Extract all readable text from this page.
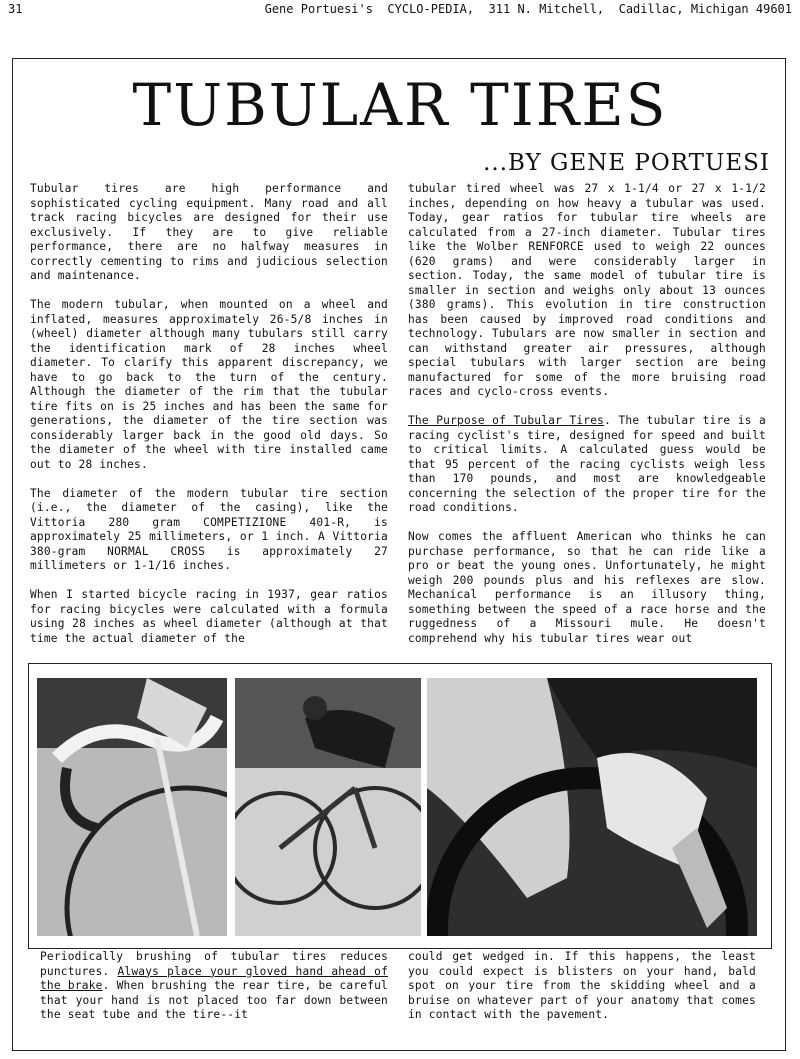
31	Gene Portuesi's  CYCLO-PEDIA,  311 N. Mitchell,  Cadillac, Michigan 49601
TUBULAR TIRES
...BY GENE PORTUESI

Tubular tires are high performance and sophisticated cycling equipment. Many road and all track racing bicycles are designed for their use exclusively. If they are to give reliable performance, there are no halfway measures in correctly cementing to rims and judicious selection and maintenance.

The modern tubular, when mounted on a wheel and inflated, measures approximately 26-5/8 inches in (wheel) diameter although many tubulars still carry the identification mark of 28 inches wheel diameter. To clarify this apparent discrepancy, we have to go back to the turn of the century. Although the diameter of the rim that the tubular tire fits on is 25 inches and has been the same for generations, the diameter of the tire section was considerably larger back in the good old days. So the diameter of the wheel with tire installed came out to 28 inches.

The diameter of the modern tubular tire section (i.e., the diameter of the casing), like the Vittoria 280 gram COMPETIZIONE 401-R, is approximately 25 millimeters, or 1 inch. A Vittoria 380-gram NORMAL CROSS is approximately 27 millimeters or 1-1/16 inches.

When I started bicycle racing in 1937, gear ratios for racing bicycles were calculated with a formula using 28 inches as wheel diameter (although at that time the actual diameter of the

tubular tired wheel was 27 x 1-1/4 or 27 x 1-1/2 inches, depending on how heavy a tubular was used. Today, gear ratios for tubular tire wheels are calculated from a 27-inch diameter. Tubular tires like the Wolber RENFORCE used to weigh 22 ounces (620 grams) and were considerably larger in section. Today, the same model of tubular tire is smaller in section and weighs only about 13 ounces (380 grams). This evolution in tire construction has been caused by improved road conditions and technology. Tubulars are now smaller in section and can withstand greater air pressures, although special tubulars with larger section are being manufactured for some of the more bruising road races and cyclo-cross events.

The Purpose of Tubular Tires. The tubular tire is a racing cyclist's tire, designed for speed and built to critical limits. A calculated guess would be that 95 percent of the racing cyclists weigh less than 170 pounds, and most are knowledgeable concerning the selection of the proper tire for the road conditions.

Now comes the affluent American who thinks he can purchase performance, so that he can ride like a pro or beat the young ones. Unfortunately, he might weigh 200 pounds plus and his reflexes are slow. Mechanical performance is an illusory thing, something between the speed of a race horse and the ruggedness of a Missouri mule. He doesn't comprehend why his tubular tires wear out

Periodically brushing of tubular tires reduces punctures. Always place your gloved hand ahead of the brake. When brushing the rear tire, be careful that your hand is not placed too far down between the seat tube and the tire--it
could get wedged in. If this happens, the least you could expect is blisters on your hand, bald spot on your tire from the skidding wheel and a bruise on whatever part of your anatomy that comes in contact with the pavement.
